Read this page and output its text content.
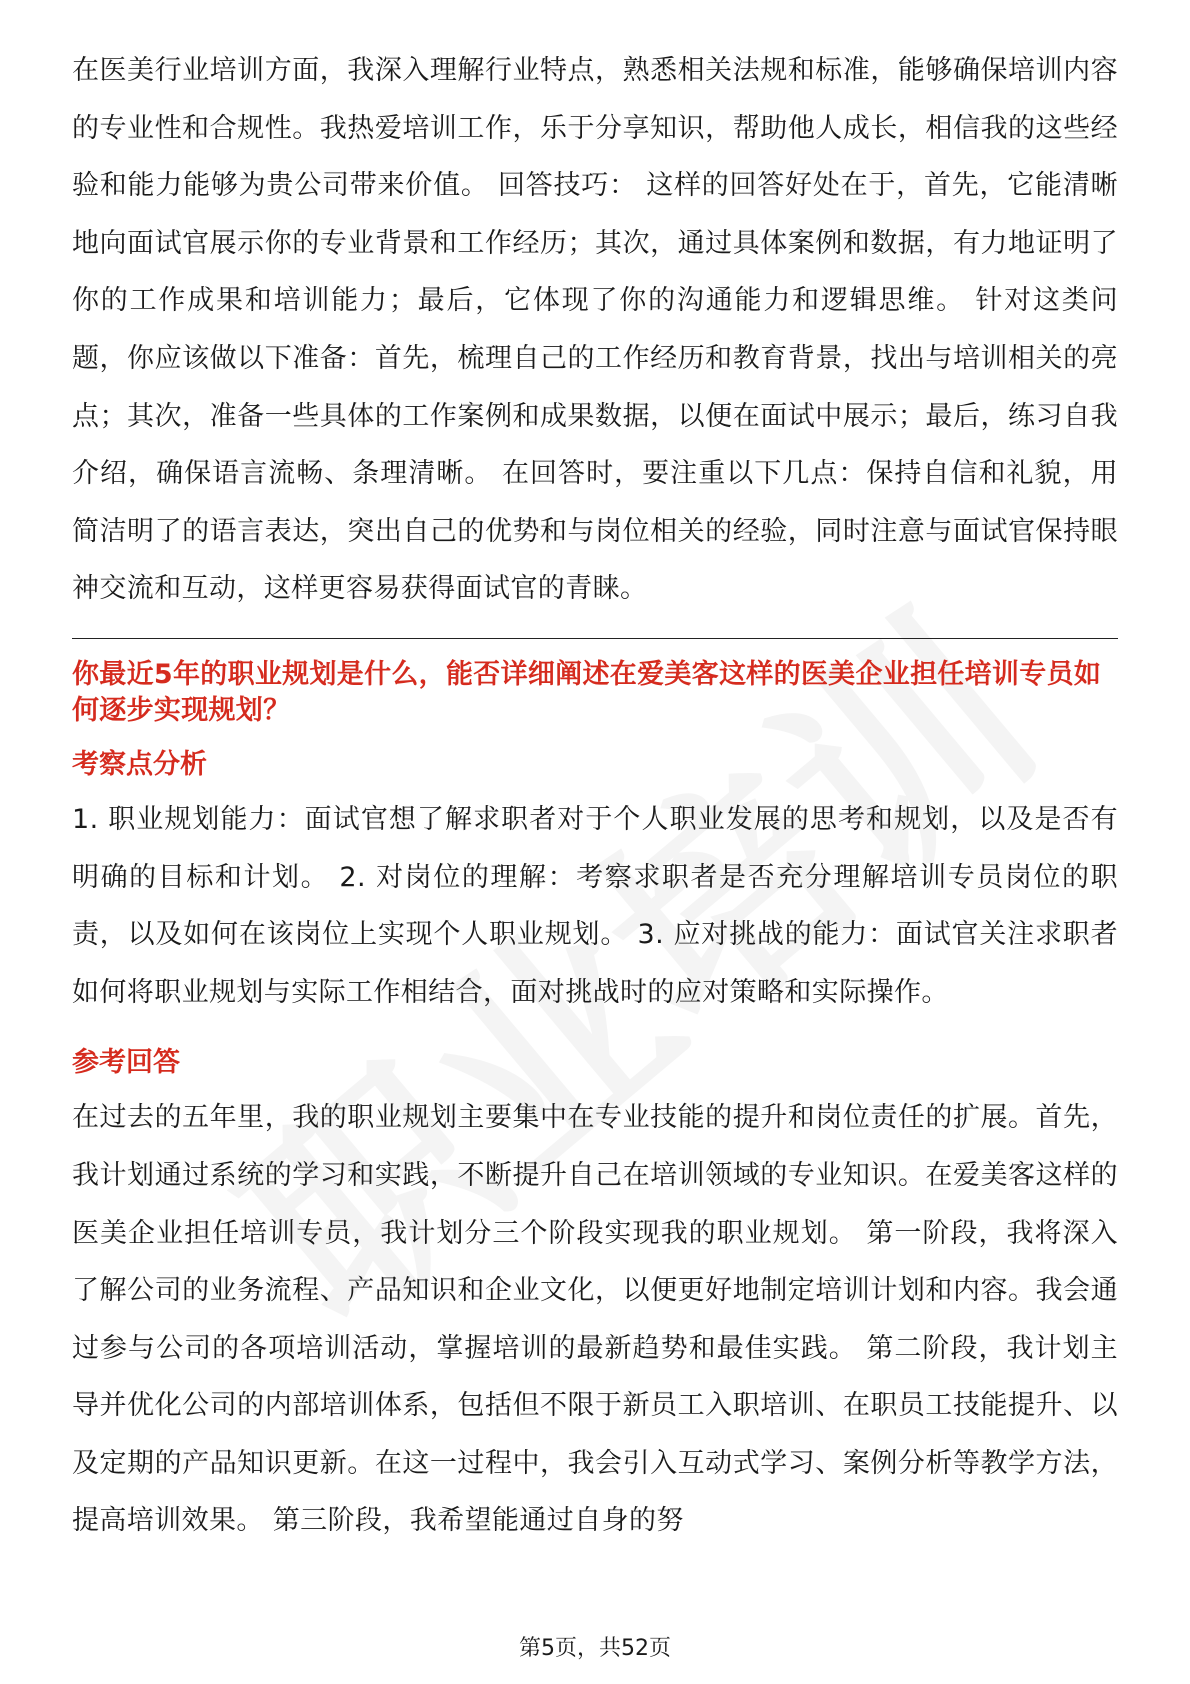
在医美行业培训方面，我深入理解行业特点，熟悉相关法规和标准，能够确保培训内容的专业性和合规性。我热爱培训工作，乐于分享知识，帮助他人成长，相信我的这些经验和能力能够为贵公司带来价值。 回答技巧： 这样的回答好处在于，首先，它能清晰地向面试官展示你的专业背景和工作经历；其次，通过具体案例和数据，有力地证明了你的工作成果和培训能力；最后，它体现了你的沟通能力和逻辑思维。 针对这类问题，你应该做以下准备：首先，梳理自己的工作经历和教育背景，找出与培训相关的亮点；其次，准备一些具体的工作案例和成果数据，以便在面试中展示；最后，练习自我介绍，确保语言流畅、条理清晰。 在回答时，要注重以下几点：保持自信和礼貌，用简洁明了的语言表达，突出自己的优势和与岗位相关的经验，同时注意与面试官保持眼神交流和互动，这样更容易获得面试官的青睐。

你最近5年的职业规划是什么，能否详细阐述在爱美客这样的医美企业担任培训专员如何逐步实现规划？

考察点分析

1. 职业规划能力：面试官想了解求职者对于个人职业发展的思考和规划，以及是否有明确的目标和计划。 2. 对岗位的理解：考察求职者是否充分理解培训专员岗位的职责，以及如何在该岗位上实现个人职业规划。 3. 应对挑战的能力：面试官关注求职者如何将职业规划与实际工作相结合，面对挑战时的应对策略和实际操作。

参考回答

在过去的五年里，我的职业规划主要集中在专业技能的提升和岗位责任的扩展。首先，我计划通过系统的学习和实践，不断提升自己在培训领域的专业知识。在爱美客这样的医美企业担任培训专员，我计划分三个阶段实现我的职业规划。 第一阶段，我将深入了解公司的业务流程、产品知识和企业文化，以便更好地制定培训计划和内容。我会通过参与公司的各项培训活动，掌握培训的最新趋势和最佳实践。 第二阶段，我计划主导并优化公司的内部培训体系，包括但不限于新员工入职培训、在职员工技能提升、以及定期的产品知识更新。在这一过程中，我会引入互动式学习、案例分析等教学方法，提高培训效果。 第三阶段，我希望能通过自身的努

第5页，共52页
